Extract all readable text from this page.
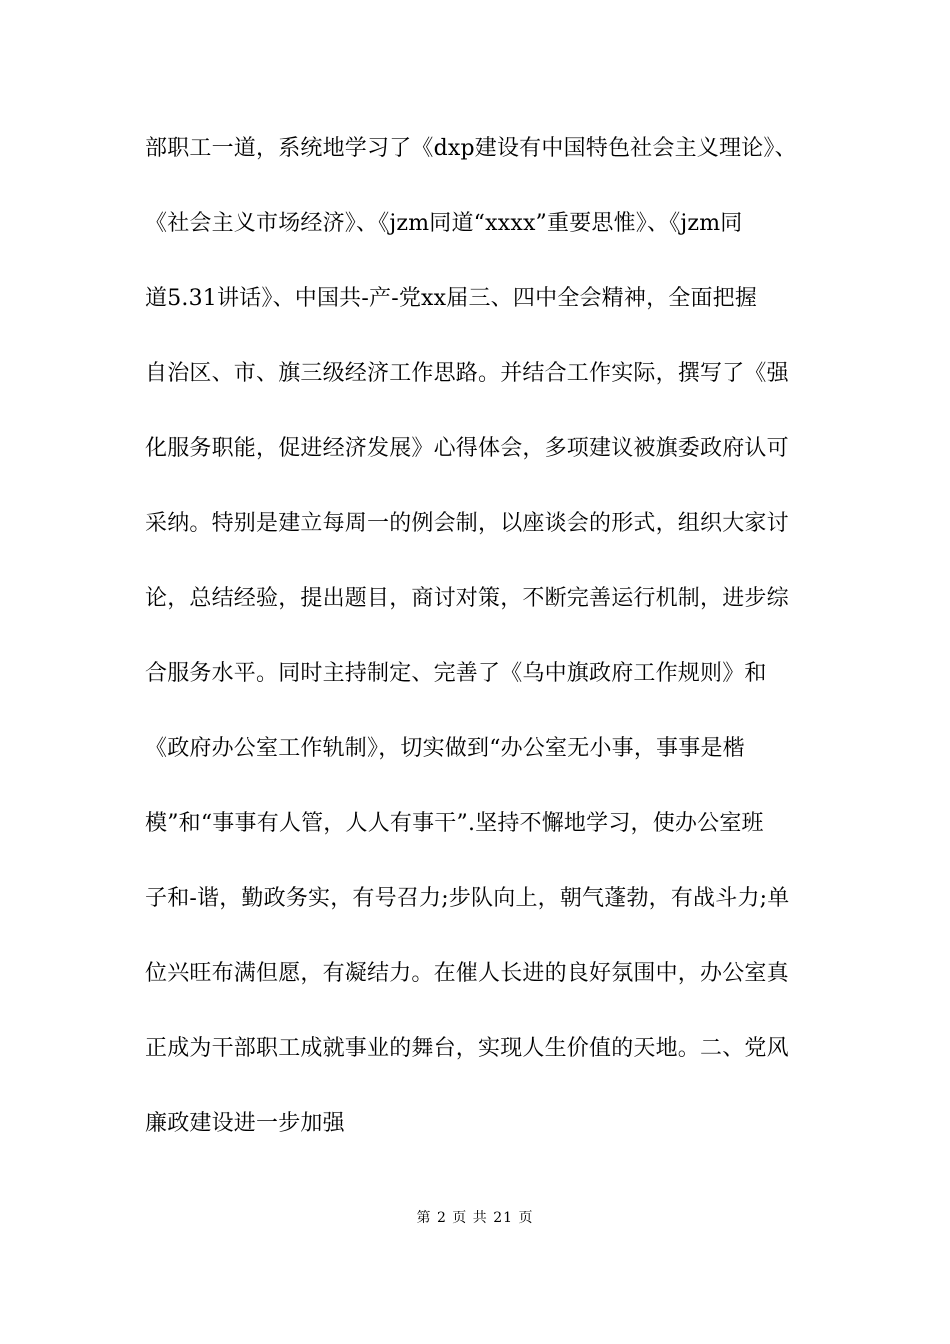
部职工一道，系统地学习了《dxp建设有中国特色社会主义理论》、
《社会主义市场经济》、《jzm同道“xxxx”重要思惟》、《jzm同
道5.31讲话》、中国共-产-党xx届三、四中全会精神，全面把握
自治区、市、旗三级经济工作思路。并结合工作实际，撰写了《强
化服务职能，促进经济发展》心得体会，多项建议被旗委政府认可
采纳。特别是建立每周一的例会制，以座谈会的形式，组织大家讨
论，总结经验，提出题目，商讨对策，不断完善运行机制，进步综
合服务水平。同时主持制定、完善了《乌中旗政府工作规则》和
《政府办公室工作轨制》，切实做到“办公室无小事，事事是楷
模”和“事事有人管，人人有事干”.坚持不懈地学习，使办公室班
子和-谐，勤政务实，有号召力;步队向上，朝气蓬勃，有战斗力;单
位兴旺布满但愿，有凝结力。在催人长进的良好氛围中，办公室真
正成为干部职工成就事业的舞台，实现人生价值的天地。二、党风
廉政建设进一步加强
第 2 页 共 21 页
